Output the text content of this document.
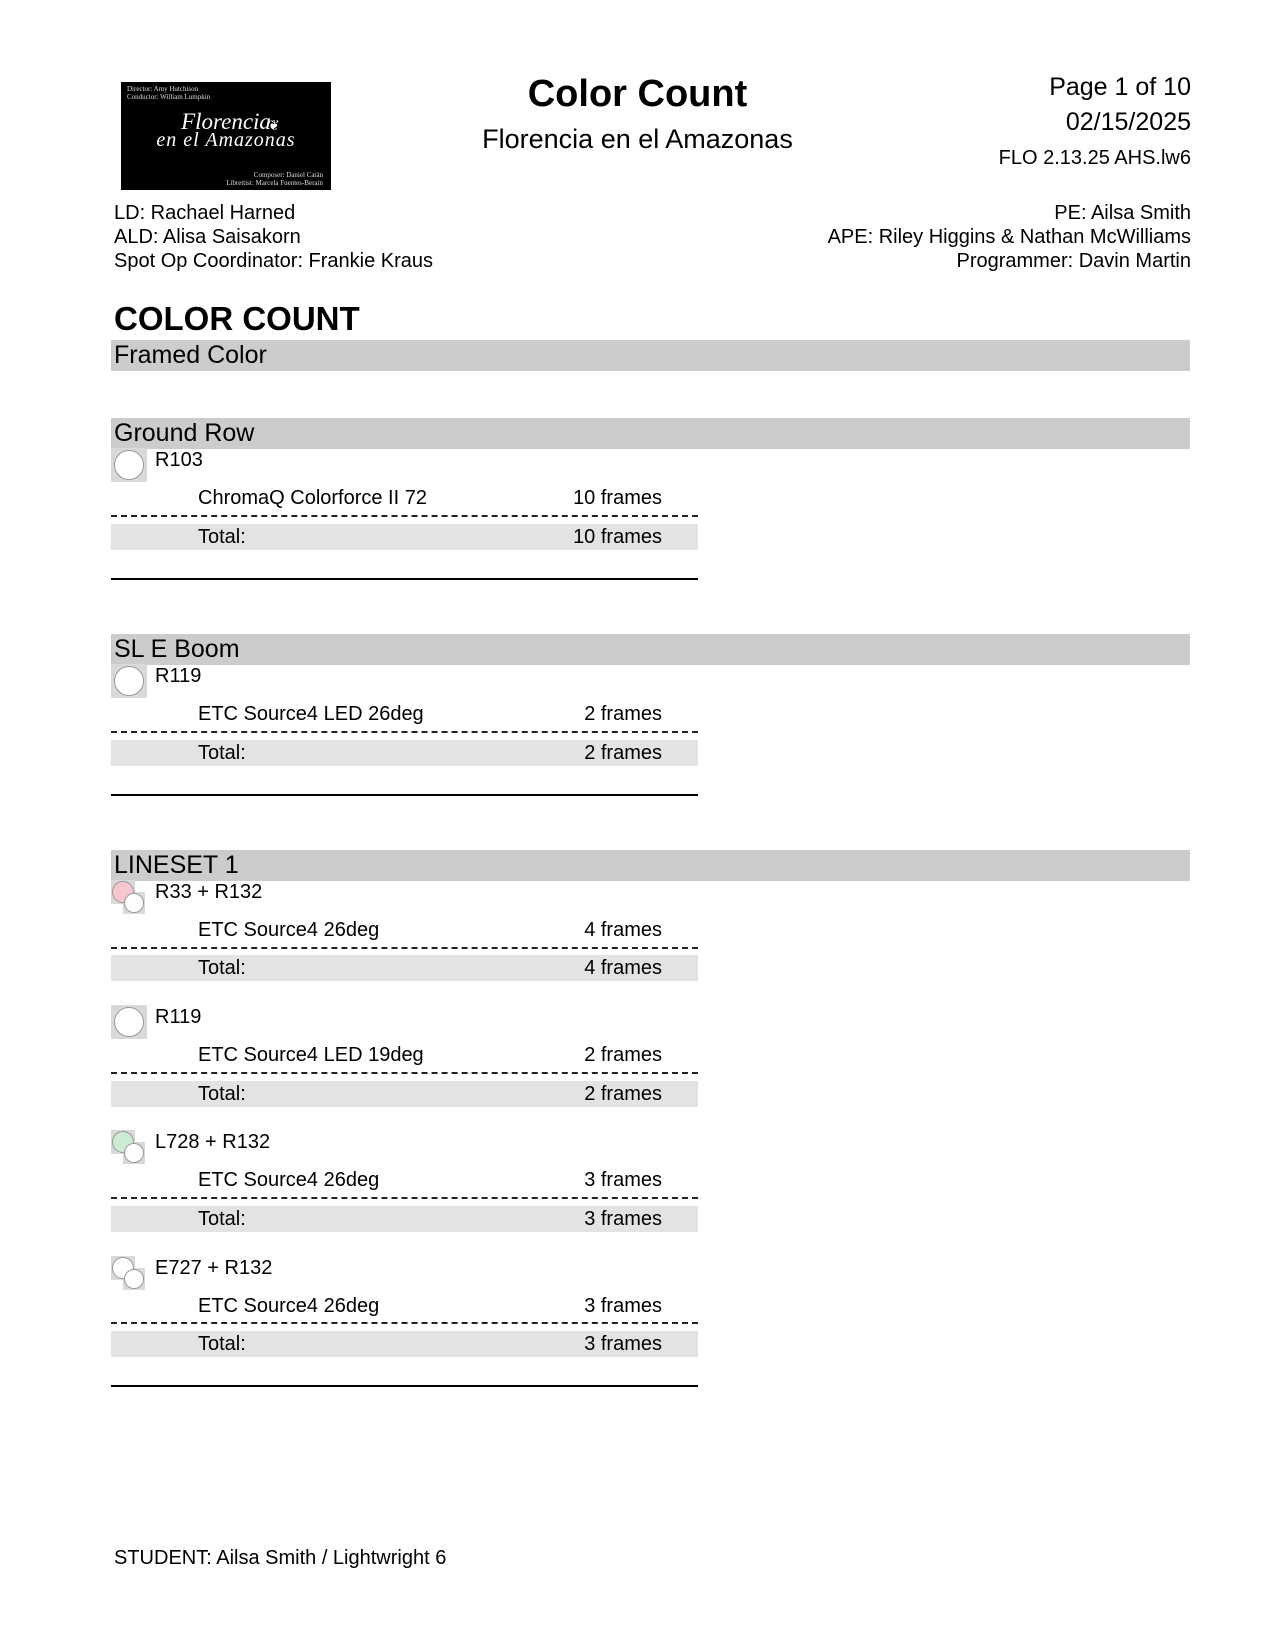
Director: Amy Hutchison
Conductor: William Lumpkin
Florencia
en el Amazonas
❦
Composer: Daniel Catán
Librettist: Marcela Fuentes-Berain
Color Count
Florencia en el Amazonas
Page 1 of 10
02/15/2025
FLO 2.13.25 AHS.lw6
LD: Rachael Harned
ALD: Alisa Saisakorn
Spot Op Coordinator: Frankie Kraus
PE: Ailsa Smith
APE: Riley Higgins & Nathan McWilliams
Programmer: Davin Martin
COLOR COUNT
Framed Color
Ground Row
R103
ChromaQ Colorforce II 72	10 frames
Total:	10 frames
SL E Boom
R119
ETC Source4 LED 26deg	2 frames
Total:	2 frames
LINESET 1
R33 + R132
ETC Source4 26deg	4 frames
Total:	4 frames
R119
ETC Source4 LED 19deg	2 frames
Total:	2 frames
L728 + R132
ETC Source4 26deg	3 frames
Total:	3 frames
E727 + R132
ETC Source4 26deg	3 frames
Total:	3 frames
STUDENT: Ailsa Smith / Lightwright 6
